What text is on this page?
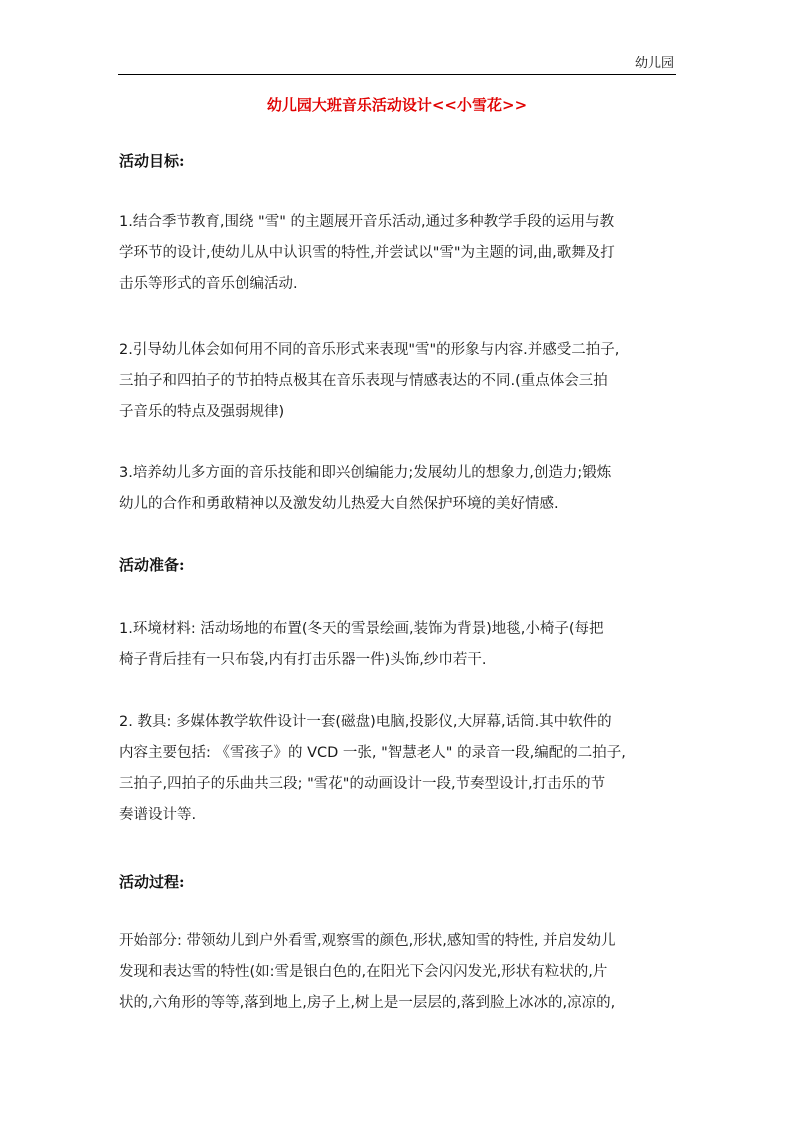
幼儿园
幼儿园大班音乐活动设计<<小雪花>>
活动目标:

1.结合季节教育,围绕 "雪" 的主题展开音乐活动,通过多种教学手段的运用与教
学环节的设计,使幼儿从中认识雪的特性,并尝试以"雪"为主题的词,曲,歌舞及打
击乐等形式的音乐创编活动.

2.引导幼儿体会如何用不同的音乐形式来表现"雪"的形象与内容.并感受二拍子,
三拍子和四拍子的节拍特点极其在音乐表现与情感表达的不同.(重点体会三拍
子音乐的特点及强弱规律)

3.培养幼儿多方面的音乐技能和即兴创编能力;发展幼儿的想象力,创造力;锻炼
幼儿的合作和勇敢精神以及激发幼儿热爱大自然保护环境的美好情感.

活动准备:

1.环境材料: 活动场地的布置(冬天的雪景绘画,装饰为背景)地毯,小椅子(每把
椅子背后挂有一只布袋,内有打击乐器一件)头饰,纱巾若干.

2. 教具: 多媒体教学软件设计一套(磁盘)电脑,投影仪,大屏幕,话筒.其中软件的
内容主要包括: 《雪孩子》的 VCD 一张, "智慧老人" 的录音一段,编配的二拍子,
三拍子,四拍子的乐曲共三段; "雪花"的动画设计一段,节奏型设计,打击乐的节
奏谱设计等.

活动过程:

开始部分: 带领幼儿到户外看雪,观察雪的颜色,形状,感知雪的特性, 并启发幼儿
发现和表达雪的特性(如:雪是银白色的,在阳光下会闪闪发光,形状有粒状的,片
状的,六角形的等等,落到地上,房子上,树上是一层层的,落到脸上冰冰的,凉凉的,
